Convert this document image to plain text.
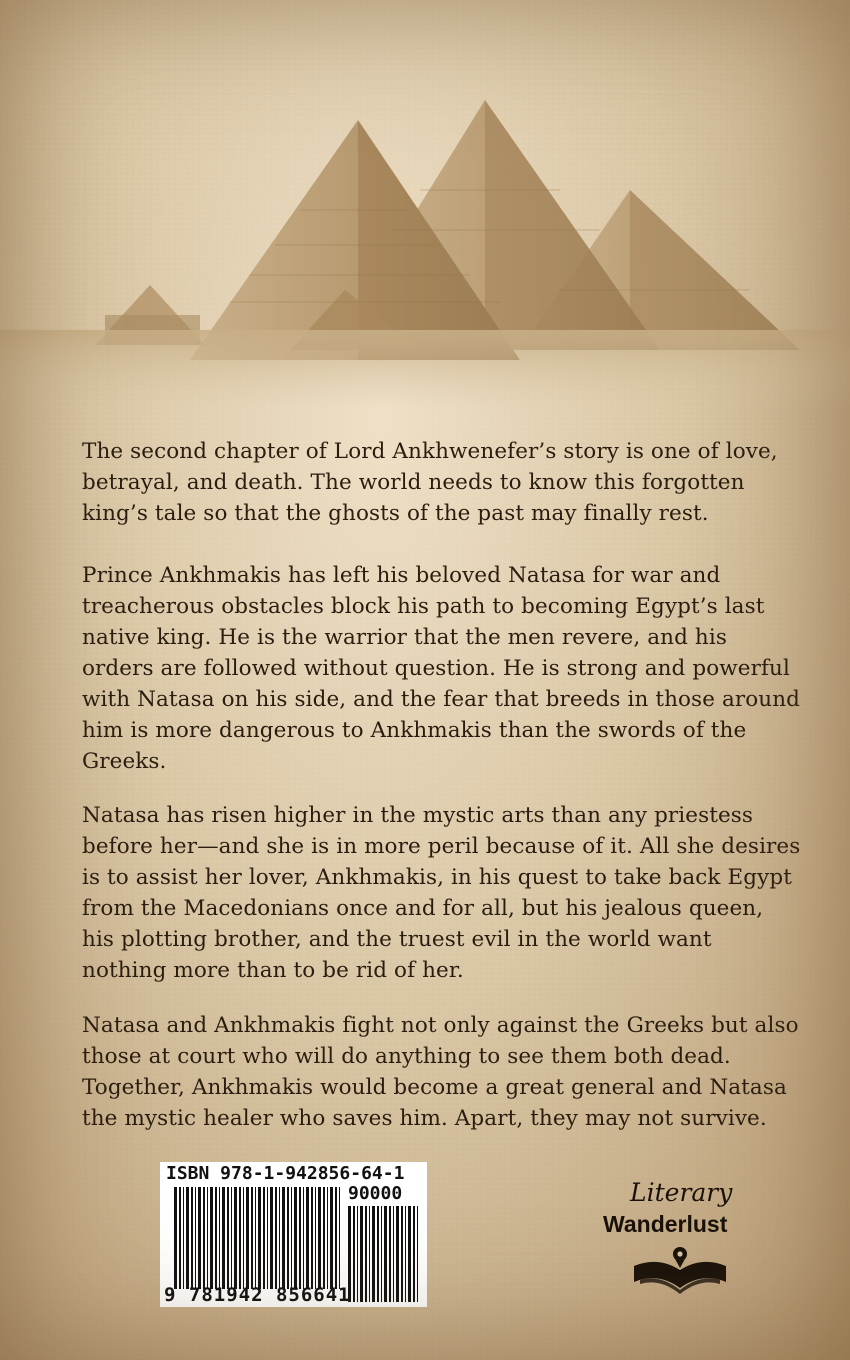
The second chapter of Lord Ankhwenefer’s story is one of love, betrayal, and death. The world needs to know this forgotten king’s tale so that the ghosts of the past may finally rest.

Prince Ankhmakis has left his beloved Natasa for war and treacherous obstacles block his path to becoming Egypt’s last native king. He is the warrior that the men revere, and his orders are followed without question. He is strong and powerful with Natasa on his side, and the fear that breeds in those around him is more dangerous to Ankhmakis than the swords of the Greeks.

Natasa has risen higher in the mystic arts than any priestess before her—and she is in more peril because of it. All she desires is to assist her lover, Ankhmakis, in his quest to take back Egypt from the Macedonians once and for all, but his jealous queen, his plotting brother, and the truest evil in the world want nothing more than to be rid of her.

Natasa and Ankhmakis fight not only against the Greeks but also those at court who will do anything to see them both dead. Together, Ankhmakis would become a great general and Natasa the mystic healer who saves him. Apart, they may not survive.

ISBN 978-1-942856-64-1
90000
9 781942 856641
Literary
Wanderlust
